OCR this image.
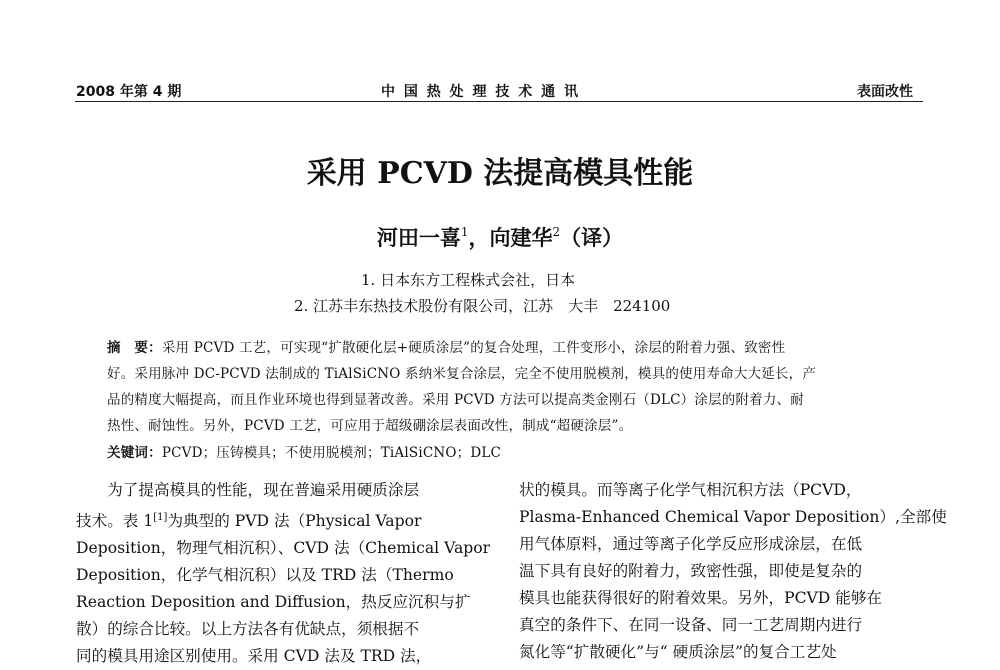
2008 年第 4 期	中 国 热 处 理 技 术 通 讯	表面改性
采用 PCVD 法提高模具性能
河田一喜$^1$，向建华$^2$（译）
1. 日本东方工程株式会社，日本
2. 江苏丰东热技术股份有限公司，江苏　大丰　224100
摘　要：采用 PCVD 工艺，可实现“扩散硬化层+硬质涂层”的复合处理，工件变形小，涂层的附着力强、致密性
好。采用脉冲 DC-PCVD 法制成的 TiAlSiCNO 系纳米复合涂层，完全不使用脱模剂，模具的使用寿命大大延长，产
品的精度大幅提高，而且作业环境也得到显著改善。采用 PCVD 方法可以提高类金刚石（DLC）涂层的附着力、耐
热性、耐蚀性。另外，PCVD 工艺，可应用于超级硼涂层表面改性，制成“超硬涂层”。
关键词：PCVD；压铸模具；不使用脱模剂；TiAlSiCNO；DLC
　　为了提高模具的性能，现在普遍采用硬质涂层
技术。表 1[1]为典型的 PVD 法（Physical Vapor
Deposition，物理气相沉积）、CVD 法（Chemical Vapor
Deposition，化学气相沉积）以及 TRD 法（Thermo
Reaction Deposition and Diffusion，热反应沉积与扩
散）的综合比较。以上方法各有优缺点，须根据不
同的模具用途区别使用。采用 CVD 法及 TRD 法，
状的模具。而等离子化学气相沉积方法（PCVD，
Plasma-Enhanced Chemical Vapor Deposition）,全部使
用气体原料，通过等离子化学反应形成涂层，在低
温下具有良好的附着力，致密性强，即使是复杂的
模具也能获得很好的附着效果。另外，PCVD 能够在
真空的条件下、在同一设备、同一工艺周期内进行
氮化等“扩散硬化”与“ 硬质涂层”的复合工艺处
